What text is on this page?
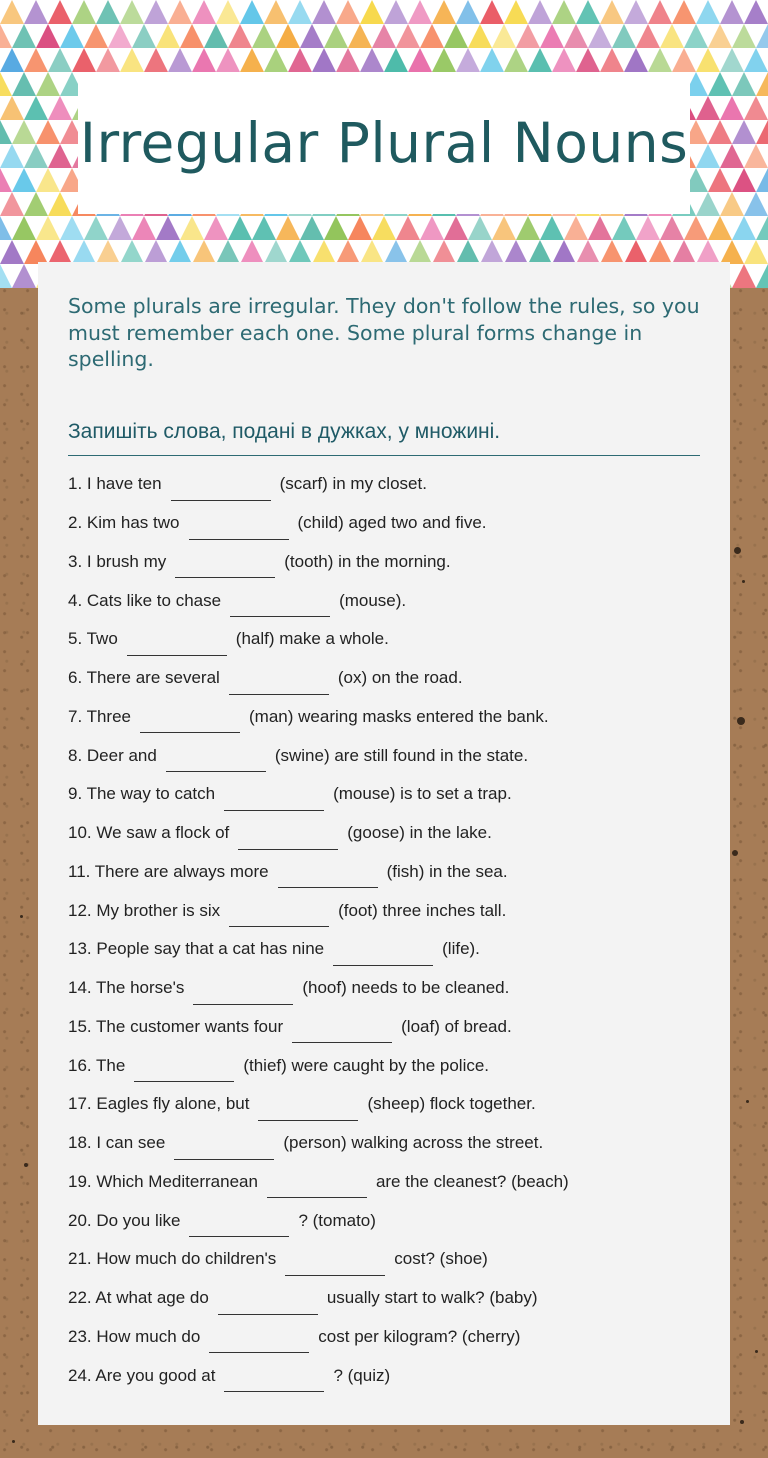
Irregular Plural Nouns

Some plurals are irregular. They don't follow the rules, so you must remember each one. Some plural forms change in spelling.

Запишіть слова, подані в дужках, у множині.

1. I have ten	(scarf) in my closet.
2. Kim has two	(child) aged two and five.
3. I brush my	(tooth) in the morning.
4. Cats like to chase	(mouse).
5. Two	(half) make a whole.
6. There are several	(ox) on the road.
7. Three	(man) wearing masks entered the bank.
8. Deer and	(swine) are still found in the state.
9. The way to catch	(mouse) is to set a trap.
10. We saw a flock of	(goose) in the lake.
11. There are always more	(fish) in the sea.
12. My brother is six	(foot) three inches tall.
13. People say that a cat has nine	(life).
14. The horse's	(hoof) needs to be cleaned.
15. The customer wants four	(loaf) of bread.
16. The	(thief) were caught by the police.
17. Eagles fly alone, but	(sheep) flock together.
18. I can see	(person) walking across the street.
19. Which Mediterranean	are the cleanest? (beach)
20. Do you like	? (tomato)
21. How much do children's	cost? (shoe)
22. At what age do	usually start to walk? (baby)
23. How much do	cost per kilogram? (cherry)
24. Are you good at	? (quiz)
